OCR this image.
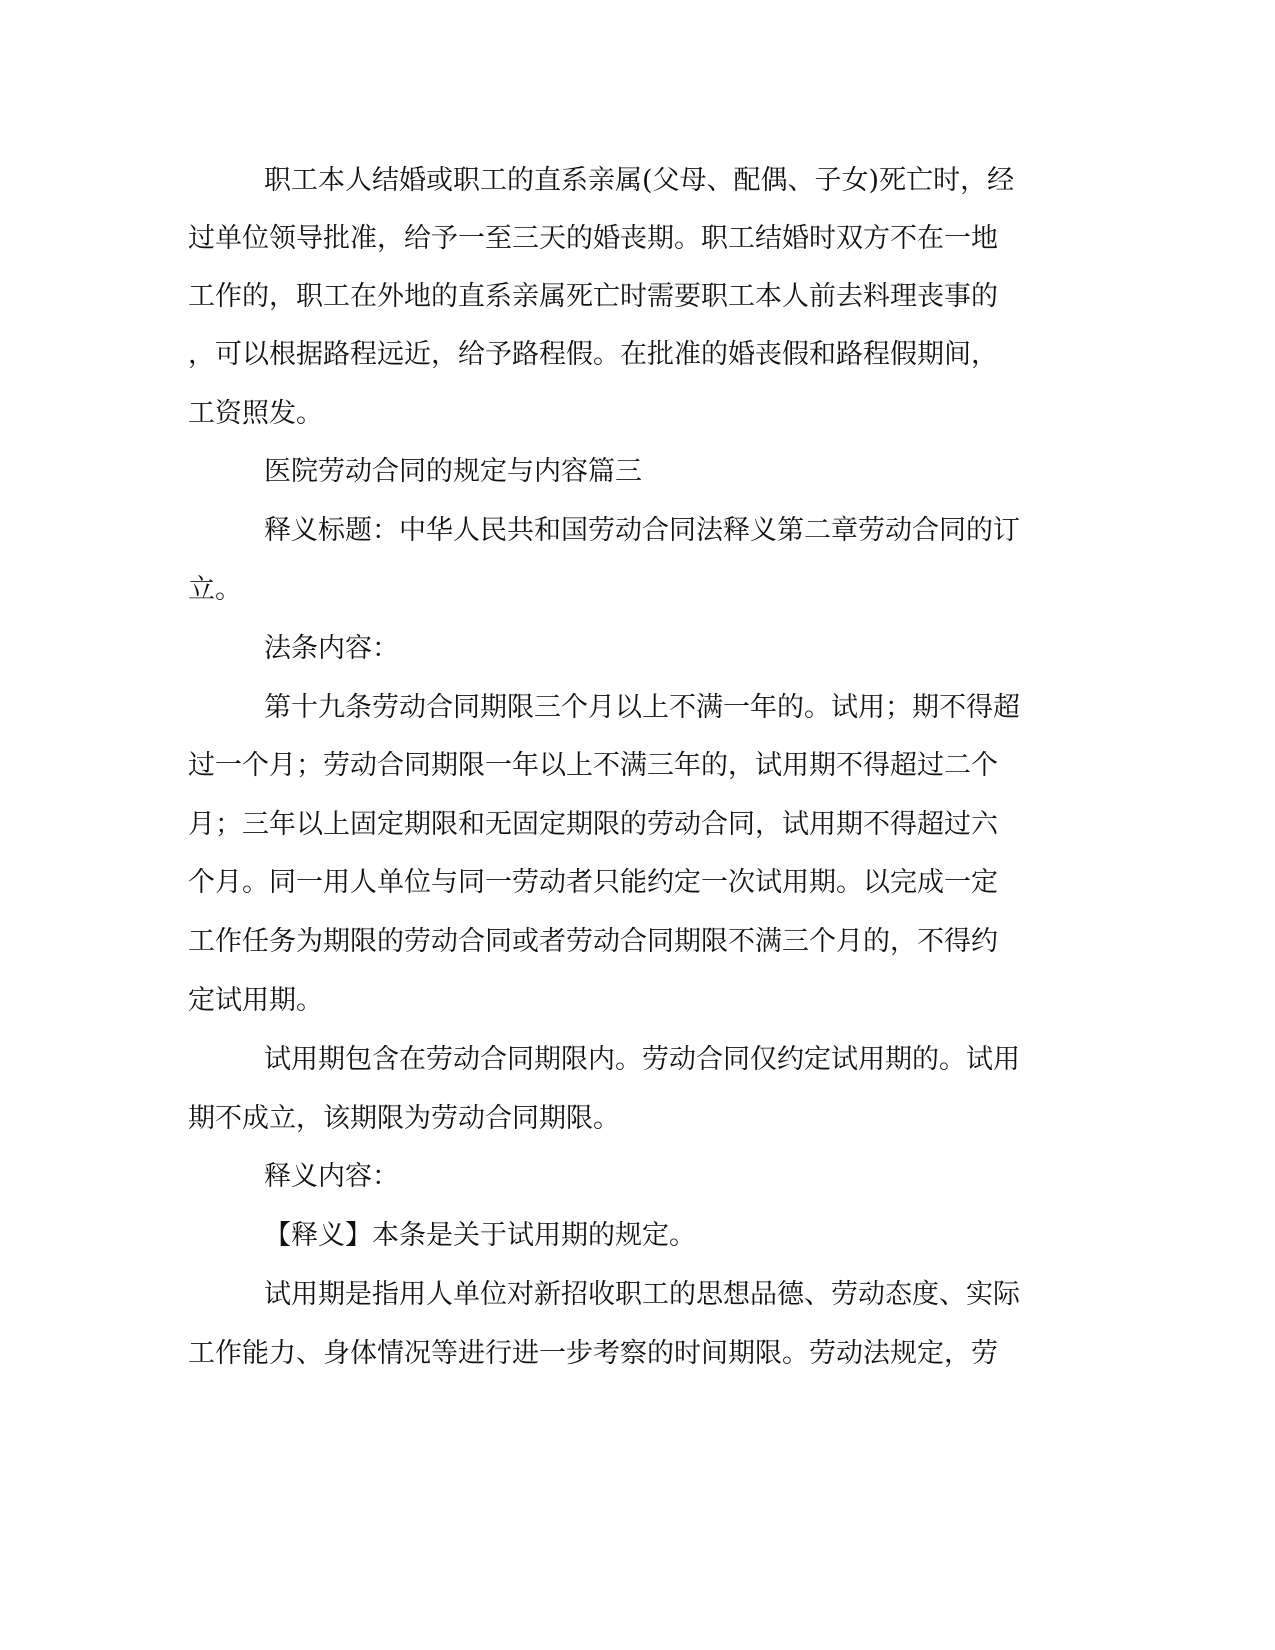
职工本人结婚或职工的直系亲属(父母、配偶、子女)死亡时，经
过单位领导批准，给予一至三天的婚丧期。职工结婚时双方不在一地
工作的，职工在外地的直系亲属死亡时需要职工本人前去料理丧事的
，可以根据路程远近，给予路程假。在批准的婚丧假和路程假期间，
工资照发。
医院劳动合同的规定与内容篇三
释义标题：中华人民共和国劳动合同法释义第二章劳动合同的订
立。
法条内容：
第十九条劳动合同期限三个月以上不满一年的。试用；期不得超
过一个月；劳动合同期限一年以上不满三年的，试用期不得超过二个
月；三年以上固定期限和无固定期限的劳动合同，试用期不得超过六
个月。同一用人单位与同一劳动者只能约定一次试用期。以完成一定
工作任务为期限的劳动合同或者劳动合同期限不满三个月的，不得约
定试用期。
试用期包含在劳动合同期限内。劳动合同仅约定试用期的。试用
期不成立，该期限为劳动合同期限。
释义内容：
【释义】本条是关于试用期的规定。
试用期是指用人单位对新招收职工的思想品德、劳动态度、实际
工作能力、身体情况等进行进一步考察的时间期限。劳动法规定，劳
